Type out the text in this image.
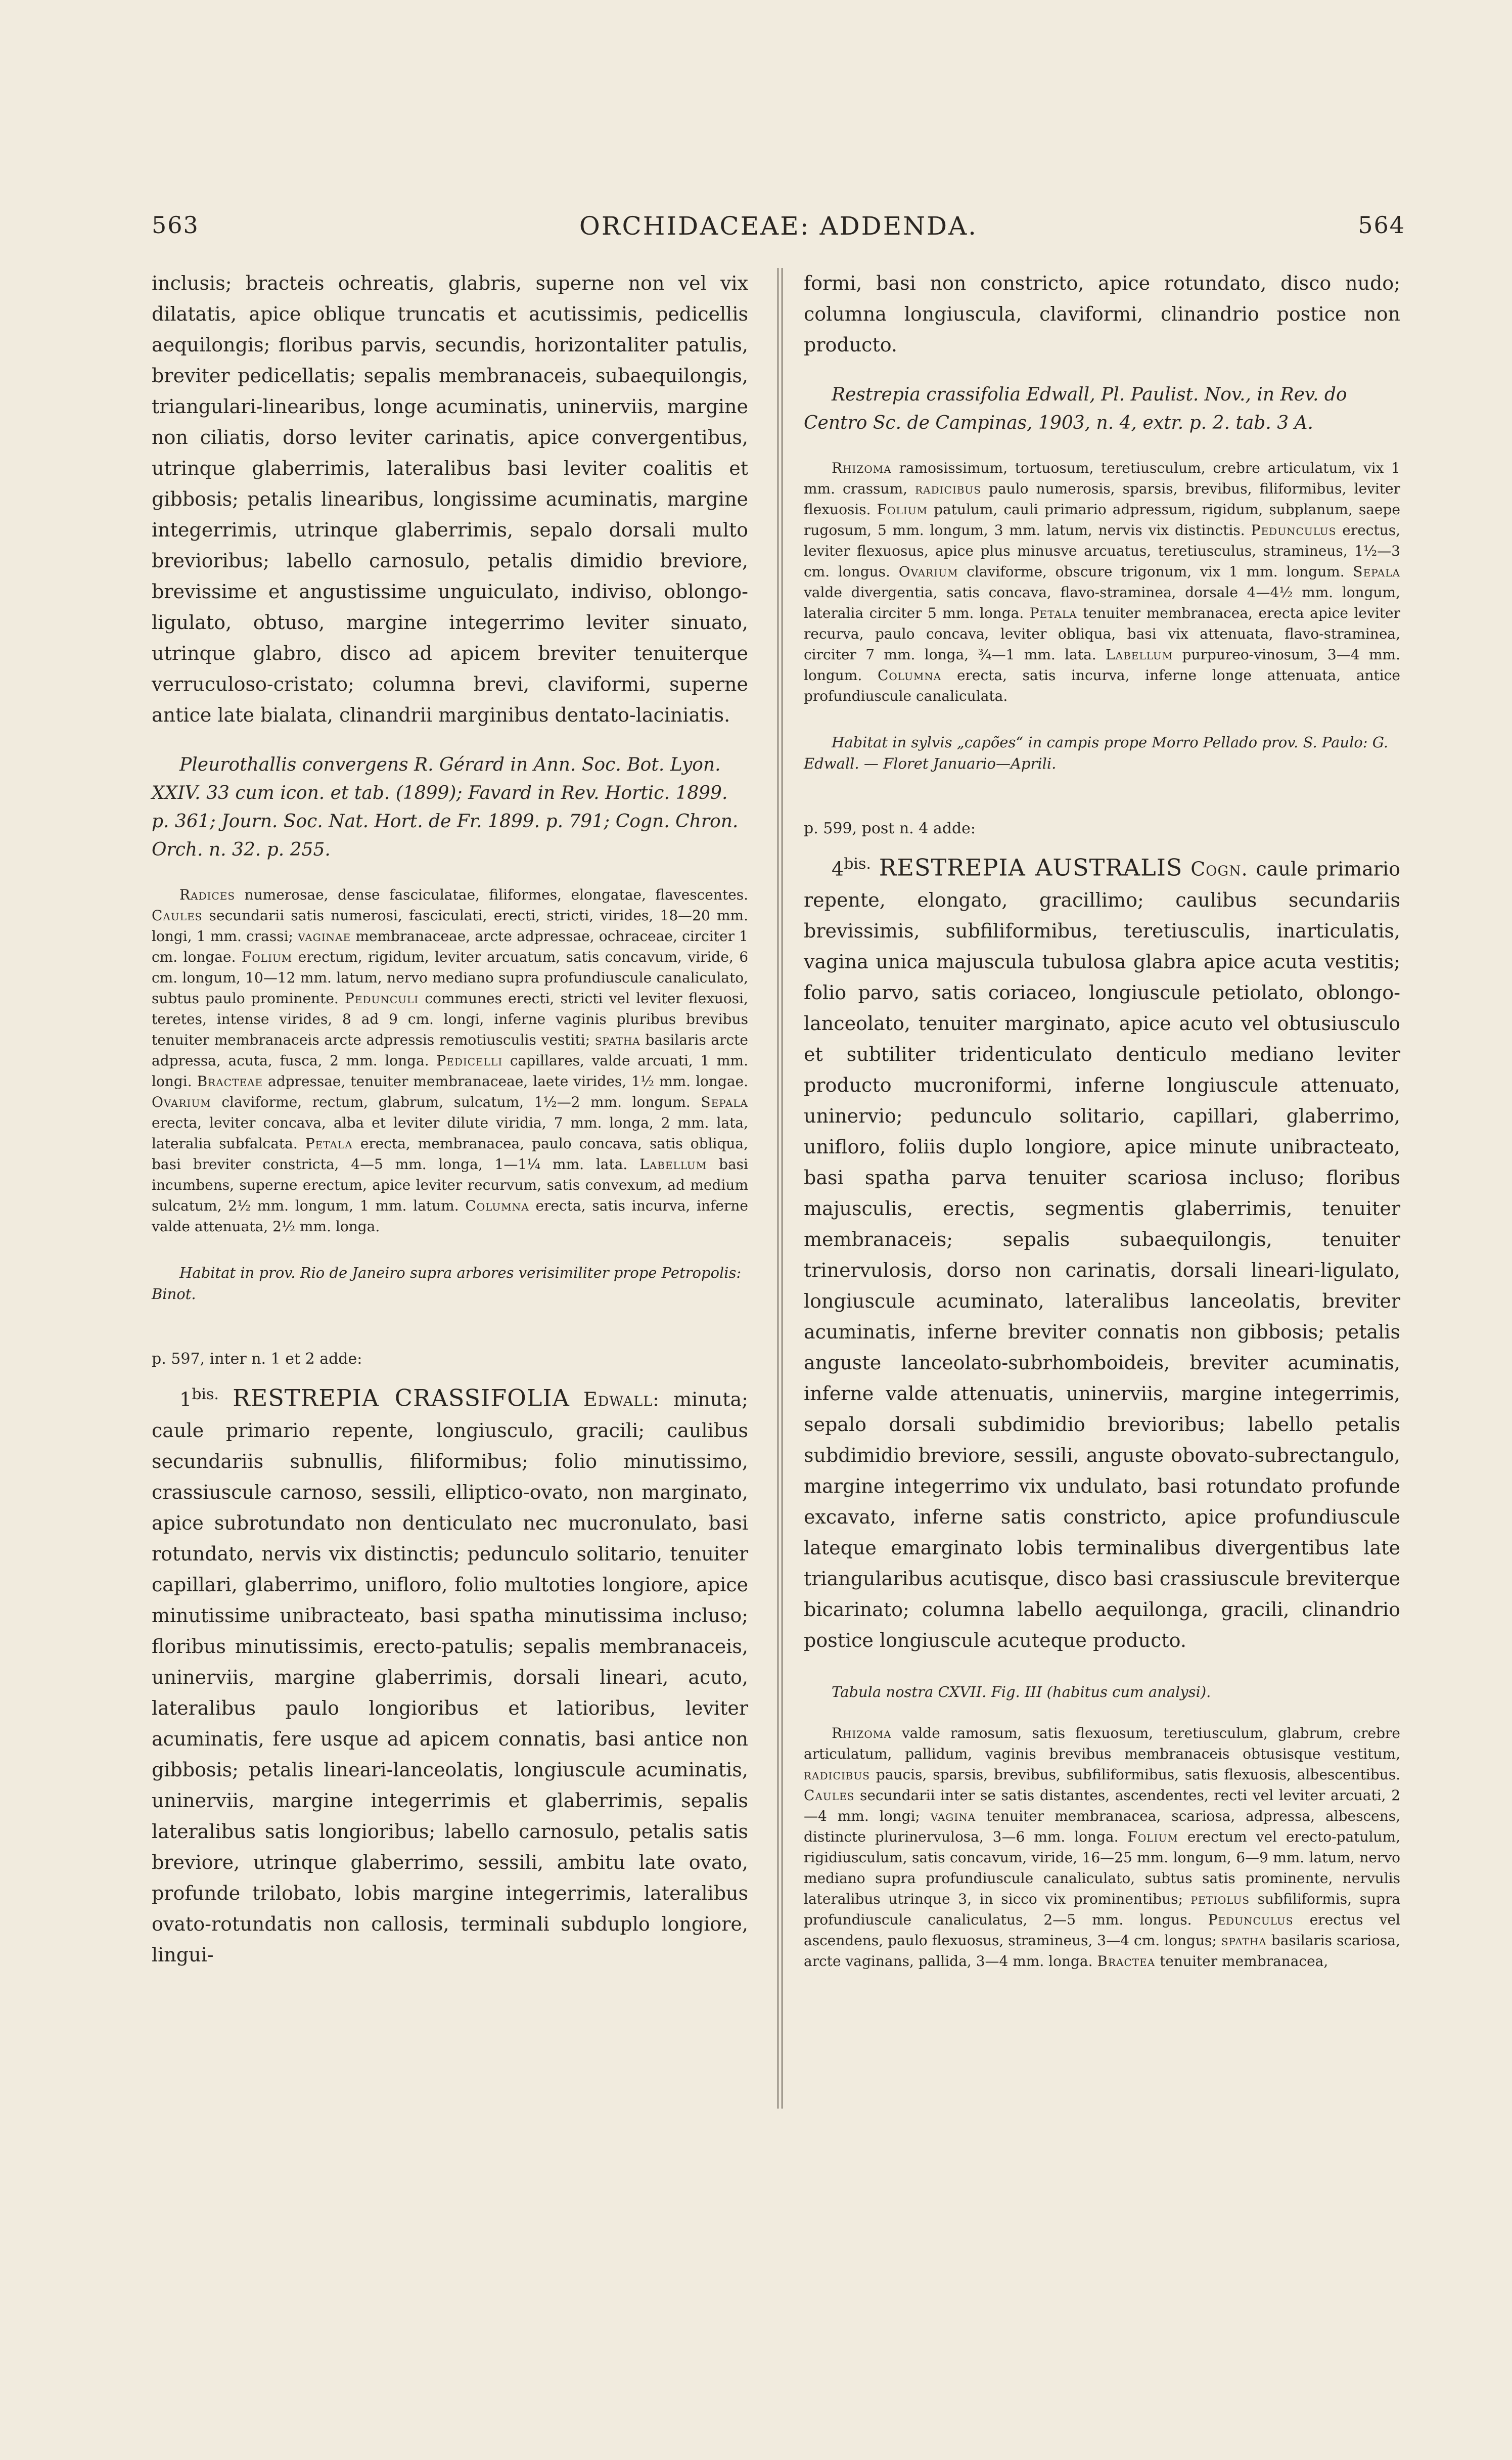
563	ORCHIDACEAE: ADDENDA.	564

inclusis; bracteis ochreatis, glabris, superne non vel vix dilatatis, apice oblique truncatis et acutissimis, pedicellis aequilongis; floribus parvis, secundis, horizontaliter patulis, breviter pedicellatis; sepalis membranaceis, subaequilongis, triangulari-linearibus, longe acuminatis, uninerviis, margine non ciliatis, dorso leviter carinatis, apice convergentibus, utrinque glaberrimis, lateralibus basi leviter coalitis et gibbosis; petalis linearibus, longissime acuminatis, margine integerrimis, utrinque glaberrimis, sepalo dorsali multo brevioribus; labello carnosulo, petalis dimidio breviore, brevissime et angustissime unguiculato, indiviso, oblongo-ligulato, obtuso, margine integerrimo leviter sinuato, utrinque glabro, disco ad apicem breviter tenuiterque verruculoso-cristato; columna brevi, claviformi, superne antice late bialata, clinandrii marginibus dentato-laciniatis.

Pleurothallis convergens R. Gérard in Ann. Soc. Bot. Lyon. XXIV. 33 cum icon. et tab. (1899); Favard in Rev. Hortic. 1899. p. 361; Journ. Soc. Nat. Hort. de Fr. 1899. p. 791; Cogn. Chron. Orch. n. 32. p. 255.

Radices numerosae, dense fasciculatae, filiformes, elongatae, flavescentes. Caules secundarii satis numerosi, fasciculati, erecti, stricti, virides, 18—20 mm. longi, 1 mm. crassi; vaginae membranaceae, arcte adpressae, ochraceae, circiter 1 cm. longae. Folium erectum, rigidum, leviter arcuatum, satis concavum, viride, 6 cm. longum, 10—12 mm. latum, nervo mediano supra profundiuscule canaliculato, subtus paulo prominente. Pedunculi communes erecti, stricti vel leviter flexuosi, teretes, intense virides, 8 ad 9 cm. longi, inferne vaginis pluribus brevibus tenuiter membranaceis arcte adpressis remotiusculis vestiti; spatha basilaris arcte adpressa, acuta, fusca, 2 mm. longa. Pedicelli capillares, valde arcuati, 1 mm. longi. Bracteae adpressae, tenuiter membranaceae, laete virides, 1½ mm. longae. Ovarium claviforme, rectum, glabrum, sulcatum, 1½—2 mm. longum. Sepala erecta, leviter concava, alba et leviter dilute viridia, 7 mm. longa, 2 mm. lata, lateralia subfalcata. Petala erecta, membranacea, paulo concava, satis obliqua, basi breviter constricta, 4—5 mm. longa, 1—1¼ mm. lata. Labellum basi incumbens, superne erectum, apice leviter recurvum, satis convexum, ad medium sulcatum, 2½ mm. longum, 1 mm. latum. Columna erecta, satis incurva, inferne valde attenuata, 2½ mm. longa.

Habitat in prov. Rio de Janeiro supra arbores verisimiliter prope Petropolis: Binot.

p. 597, inter n. 1 et 2 adde:

$1^{bis.}$ RESTREPIA CRASSIFOLIA Edwall: minuta; caule primario repente, longiusculo, gracili; caulibus secundariis subnullis, filiformibus; folio minutissimo, crassiuscule carnoso, sessili, elliptico-ovato, non marginato, apice subrotundato non denticulato nec mucronulato, basi rotundato, nervis vix distinctis; pedunculo solitario, tenuiter capillari, glaberrimo, unifloro, folio multoties longiore, apice minutissime unibracteato, basi spatha minutissima incluso; floribus minutissimis, erecto-patulis; sepalis membranaceis, uninerviis, margine glaberrimis, dorsali lineari, acuto, lateralibus paulo longioribus et latioribus, leviter acuminatis, fere usque ad apicem connatis, basi antice non gibbosis; petalis lineari-lanceolatis, longiuscule acuminatis, uninerviis, margine integerrimis et glaberrimis, sepalis lateralibus satis longioribus; labello carnosulo, petalis satis breviore, utrinque glaberrimo, sessili, ambitu late ovato, profunde trilobato, lobis margine integerrimis, lateralibus ovato-rotundatis non callosis, terminali subduplo longiore, lingui-

formi, basi non constricto, apice rotundato, disco nudo; columna longiuscula, claviformi, clinandrio postice non producto.

Restrepia crassifolia Edwall, Pl. Paulist. Nov., in Rev. do Centro Sc. de Campinas, 1903, n. 4, extr. p. 2. tab. 3 A.

Rhizoma ramosissimum, tortuosum, teretiusculum, crebre articulatum, vix 1 mm. crassum, radicibus paulo numerosis, sparsis, brevibus, filiformibus, leviter flexuosis. Folium patulum, cauli primario adpressum, rigidum, subplanum, saepe rugosum, 5 mm. longum, 3 mm. latum, nervis vix distinctis. Pedunculus erectus, leviter flexuosus, apice plus minusve arcuatus, teretiusculus, stramineus, 1½—3 cm. longus. Ovarium claviforme, obscure trigonum, vix 1 mm. longum. Sepala valde divergentia, satis concava, flavo-straminea, dorsale 4—4½ mm. longum, lateralia circiter 5 mm. longa. Petala tenuiter membranacea, erecta apice leviter recurva, paulo concava, leviter obliqua, basi vix attenuata, flavo-straminea, circiter 7 mm. longa, ¾—1 mm. lata. Labellum purpureo-vinosum, 3—4 mm. longum. Columna erecta, satis incurva, inferne longe attenuata, antice profundiuscule canaliculata.

Habitat in sylvis „capões“ in campis prope Morro Pellado prov. S. Paulo: G. Edwall. — Floret Januario—Aprili.

p. 599, post n. 4 adde:

$4^{bis.}$ RESTREPIA AUSTRALIS Cogn. caule primario repente, elongato, gracillimo; caulibus secundariis brevissimis, subfiliformibus, teretiusculis, inarticulatis, vagina unica majuscula tubulosa glabra apice acuta vestitis; folio parvo, satis coriaceo, longiuscule petiolato, oblongo-lanceolato, tenuiter marginato, apice acuto vel obtusiusculo et subtiliter tridenticulato denticulo mediano leviter producto mucroniformi, inferne longiuscule attenuato, uninervio; pedunculo solitario, capillari, glaberrimo, unifloro, foliis duplo longiore, apice minute unibracteato, basi spatha parva tenuiter scariosa incluso; floribus majusculis, erectis, segmentis glaberrimis, tenuiter membranaceis; sepalis subaequilongis, tenuiter trinervulosis, dorso non carinatis, dorsali lineari-ligulato, longiuscule acuminato, lateralibus lanceolatis, breviter acuminatis, inferne breviter connatis non gibbosis; petalis anguste lanceolato-subrhomboideis, breviter acuminatis, inferne valde attenuatis, uninerviis, margine integerrimis, sepalo dorsali subdimidio brevioribus; labello petalis subdimidio breviore, sessili, anguste obovato-subrectangulo, margine integerrimo vix undulato, basi rotundato profunde excavato, inferne satis constricto, apice profundiuscule lateque emarginato lobis terminalibus divergentibus late triangularibus acutisque, disco basi crassiuscule breviterque bicarinato; columna labello aequilonga, gracili, clinandrio postice longiuscule acuteque producto.

Tabula nostra CXVII. Fig. III (habitus cum analysi).

Rhizoma valde ramosum, satis flexuosum, teretiusculum, glabrum, crebre articulatum, pallidum, vaginis brevibus membranaceis obtusisque vestitum, radicibus paucis, sparsis, brevibus, subfiliformibus, satis flexuosis, albescentibus. Caules secundarii inter se satis distantes, ascendentes, recti vel leviter arcuati, 2—4 mm. longi; vagina tenuiter membranacea, scariosa, adpressa, albescens, distincte plurinervulosa, 3—6 mm. longa. Folium erectum vel erecto-patulum, rigidiusculum, satis concavum, viride, 16—25 mm. longum, 6—9 mm. latum, nervo mediano supra profundiuscule canaliculato, subtus satis prominente, nervulis lateralibus utrinque 3, in sicco vix prominentibus; petiolus subfiliformis, supra profundiuscule canaliculatus, 2—5 mm. longus. Pedunculus erectus vel ascendens, paulo flexuosus, stramineus, 3—4 cm. longus; spatha basilaris scariosa, arcte vaginans, pallida, 3—4 mm. longa. Bractea tenuiter membranacea,
